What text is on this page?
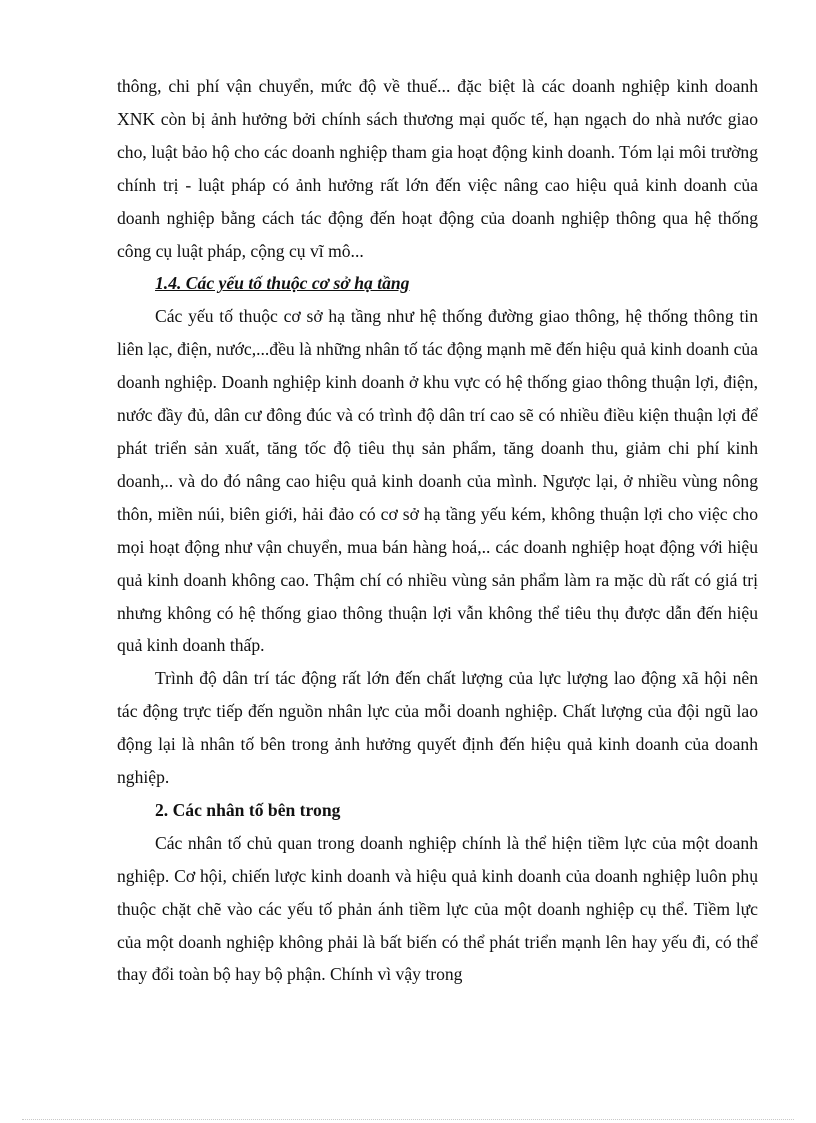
thông, chi phí vận chuyển, mức độ về thuế... đặc biệt là các doanh nghiệp kinh doanh XNK còn bị ảnh hưởng bởi chính sách thương mại quốc tế, hạn ngạch do nhà nước giao cho, luật bảo hộ cho các doanh nghiệp tham gia hoạt động kinh doanh. Tóm lại môi trường chính trị - luật pháp có ảnh hưởng rất lớn đến việc nâng cao hiệu quả kinh doanh của doanh nghiệp bằng cách tác động đến hoạt động của doanh nghiệp thông qua hệ thống công cụ luật pháp, cộng cụ vĩ mô...

1.4. Các yếu tố thuộc cơ sở hạ tầng

Các yếu tố thuộc cơ sở hạ tầng như hệ thống đường giao thông, hệ thống thông tin liên lạc, điện, nước,...đều là những nhân tố tác động mạnh mẽ đến hiệu quả kinh doanh của doanh nghiệp. Doanh nghiệp kinh doanh ở khu vực có hệ thống giao thông thuận lợi, điện, nước đầy đủ, dân cư đông đúc và có trình độ dân trí cao sẽ có nhiều điều kiện thuận lợi để phát triển sản xuất, tăng tốc độ tiêu thụ sản phẩm, tăng doanh thu, giảm chi phí kinh doanh,.. và do đó nâng cao hiệu quả kinh doanh của mình. Ngược lại, ở nhiều vùng nông thôn, miền núi, biên giới, hải đảo có cơ sở hạ tầng yếu kém, không thuận lợi cho việc cho mọi hoạt động như vận chuyển, mua bán hàng hoá,.. các doanh nghiệp hoạt động với hiệu quả kinh doanh không cao. Thậm chí có nhiều vùng sản phẩm làm ra mặc dù rất có giá trị nhưng không có hệ thống giao thông thuận lợi vẫn không thể tiêu thụ được dẫn đến hiệu quả kinh doanh thấp.

Trình độ dân trí tác động rất lớn đến chất lượng của lực lượng lao động xã hội nên tác động trực tiếp đến nguồn nhân lực của mỗi doanh nghiệp. Chất lượng của đội ngũ lao động lại là nhân tố bên trong ảnh hưởng quyết định đến hiệu quả kinh doanh của doanh nghiệp.

2. Các nhân tố bên trong

Các nhân tố chủ quan trong doanh nghiệp chính là thể hiện tiềm lực của một doanh nghiệp. Cơ hội, chiến lược kinh doanh và hiệu quả kinh doanh của doanh nghiệp luôn phụ thuộc chặt chẽ vào các yếu tố phản ánh tiềm lực của một doanh nghiệp cụ thể. Tiềm lực của một doanh nghiệp không phải là bất biến có thể phát triển mạnh lên hay yếu đi, có thể thay đổi toàn bộ hay bộ phận. Chính vì vậy trong
